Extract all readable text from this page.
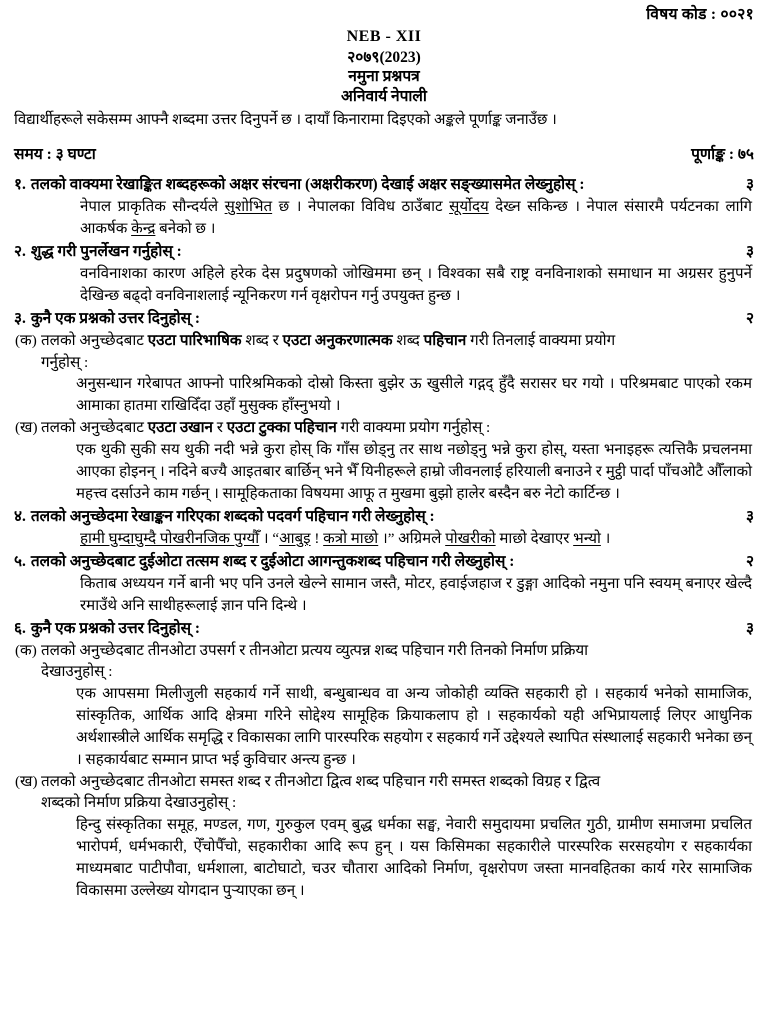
विषय कोड : ००२१
NEB - XII
२०७९(2023)
नमुना प्रश्नपत्र
अनिवार्य नेपाली
विद्यार्थीहरूले सकेसम्म आफ्नै शब्दमा उत्तर दिनुपर्ने छ । दायाँ किनारामा दिइएको अङ्कले पूर्णाङ्क जनाउँछ ।
समय : ३ घण्टा	पूर्णाङ्क : ७५
१. तलको वाक्यमा रेखाङ्कित शब्दहरूको अक्षर संरचना (अक्षरीकरण) देखाई अक्षर सङ्ख्यासमेत लेख्नुहोस् :	३
नेपाल प्राकृतिक सौन्दर्यले सुशोभित छ । नेपालका विविध ठाउँबाट सूर्योदय देख्न सकिन्छ । नेपाल संसारमै पर्यटनका लागि आकर्षक केन्द्र बनेको छ ।
२. शुद्ध गरी पुनर्लेखन गर्नुहोस् :	३
वनविनाशका कारण अहिले हरेक देस प्रदुषणको जोखिममा छन् । विश्वका सबै राष्ट्र वनविनाशको समाधान मा अग्रसर हुनुपर्ने देखिन्छ बढ्दो वनविनाशलाई न्यूनिकरण गर्न वृक्षरोपन गर्नु उपयुक्त हुन्छ ।
३. कुनै एक प्रश्नको उत्तर दिनुहोस् :	२
(क) तलको अनुच्छेदबाट एउटा पारिभाषिक शब्द र एउटा अनुकरणात्मक शब्द पहिचान गरी तिनलाई वाक्यमा प्रयोग
गर्नुहोस् :
अनुसन्धान गरेबापत आफ्नो पारिश्रमिकको दोस्रो किस्ता बुझेर ऊ खुसीले गद्गद् हुँदै सरासर घर गयो । परिश्रमबाट पाएको रकम आमाका हातमा राखिदिँदा उहाँ मुसुक्क हाँस्नुभयो ।
(ख) तलको अनुच्छेदबाट एउटा उखान र एउटा टुक्का पहिचान गरी वाक्यमा प्रयोग गर्नुहोस् :
एक थुकी सुकी सय थुकी नदी भन्ने कुरा होस् कि गाँस छोड्नु तर साथ नछोड्नु भन्ने कुरा होस्, यस्ता भनाइहरू त्यत्तिकै प्रचलनमा आएका होइनन् । नदिने बज्यै आइतबार बार्छिन् भने भैँ यिनीहरूले हाम्रो जीवनलाई हरियाली बनाउने र मुट्ठी पार्दा पाँचओटै औँलाको महत्त्व दर्साउने काम गर्छन् । सामूहिकताका विषयमा आफू त मुखमा बुझो हालेर बस्दैन बरु नेटो कार्टिन्छ ।
४. तलको अनुच्छेदमा रेखाङ्कन गरिएका शब्दको पदवर्ग पहिचान गरी लेख्नुहोस् :	३
हामी घुम्दाघुम्दै पोखरीनजिक पुग्यौँ । “आबुइ ! कत्रो माछो ।” अग्रिमले पोखरीको माछो देखाएर भन्यो ।
५. तलको अनुच्छेदबाट दुईओटा तत्सम शब्द र दुईओटा आगन्तुकशब्द पहिचान गरी लेख्नुहोस् :	२
किताब अध्ययन गर्ने बानी भए पनि उनले खेल्ने सामान जस्तै, मोटर, हवाईजहाज र डुङ्गा आदिको नमुना पनि स्वयम् बनाएर खेल्दै रमाउँथे अनि साथीहरूलाई ज्ञान पनि दिन्थे ।
६. कुनै एक प्रश्नको उत्तर दिनुहोस् :	३
(क) तलको अनुच्छेदबाट तीनओटा उपसर्ग र तीनओटा प्रत्यय व्युत्पन्न शब्द पहिचान गरी तिनको निर्माण प्रक्रिया
देखाउनुहोस् :
एक आपसमा मिलीजुली सहकार्य गर्ने साथी, बन्धुबान्धव वा अन्य जोकोही व्यक्ति सहकारी हो । सहकार्य भनेको सामाजिक, सांस्कृतिक, आर्थिक आदि क्षेत्रमा गरिने सोद्देश्य सामूहिक क्रियाकलाप हो । सहकार्यको यही अभिप्रायलाई लिएर आधुनिक अर्थशास्त्रीले आर्थिक समृद्धि र विकासका लागि पारस्परिक सहयोग र सहकार्य गर्ने उद्देश्यले स्थापित संस्थालाई सहकारी भनेका छन् । सहकार्यबाट सम्मान प्राप्त भई कुविचार अन्त्य हुन्छ ।
(ख) तलको अनुच्छेदबाट तीनओटा समस्त शब्द र तीनओटा द्वित्व शब्द पहिचान गरी समस्त शब्दको विग्रह र द्वित्व
शब्दको निर्माण प्रक्रिया देखाउनुहोस् :
हिन्दु संस्कृतिका समूह, मण्डल, गण, गुरुकुल एवम् बुद्ध धर्मका सङ्घ, नेवारी समुदायमा प्रचलित गुठी, ग्रामीण समाजमा प्रचलित भारोपर्म, धर्मभकारी, ऐँचोपैँचो, सहकारीका आदि रूप हुन् । यस किसिमका सहकारीले पारस्परिक सरसहयोग र सहकार्यका माध्यमबाट पाटीपौवा, धर्मशाला, बाटोघाटो, चउर चौतारा आदिको निर्माण, वृक्षरोपण जस्ता मानवहितका कार्य गरेर सामाजिक विकासमा उल्लेख्य योगदान पुऱ्याएका छन् ।
